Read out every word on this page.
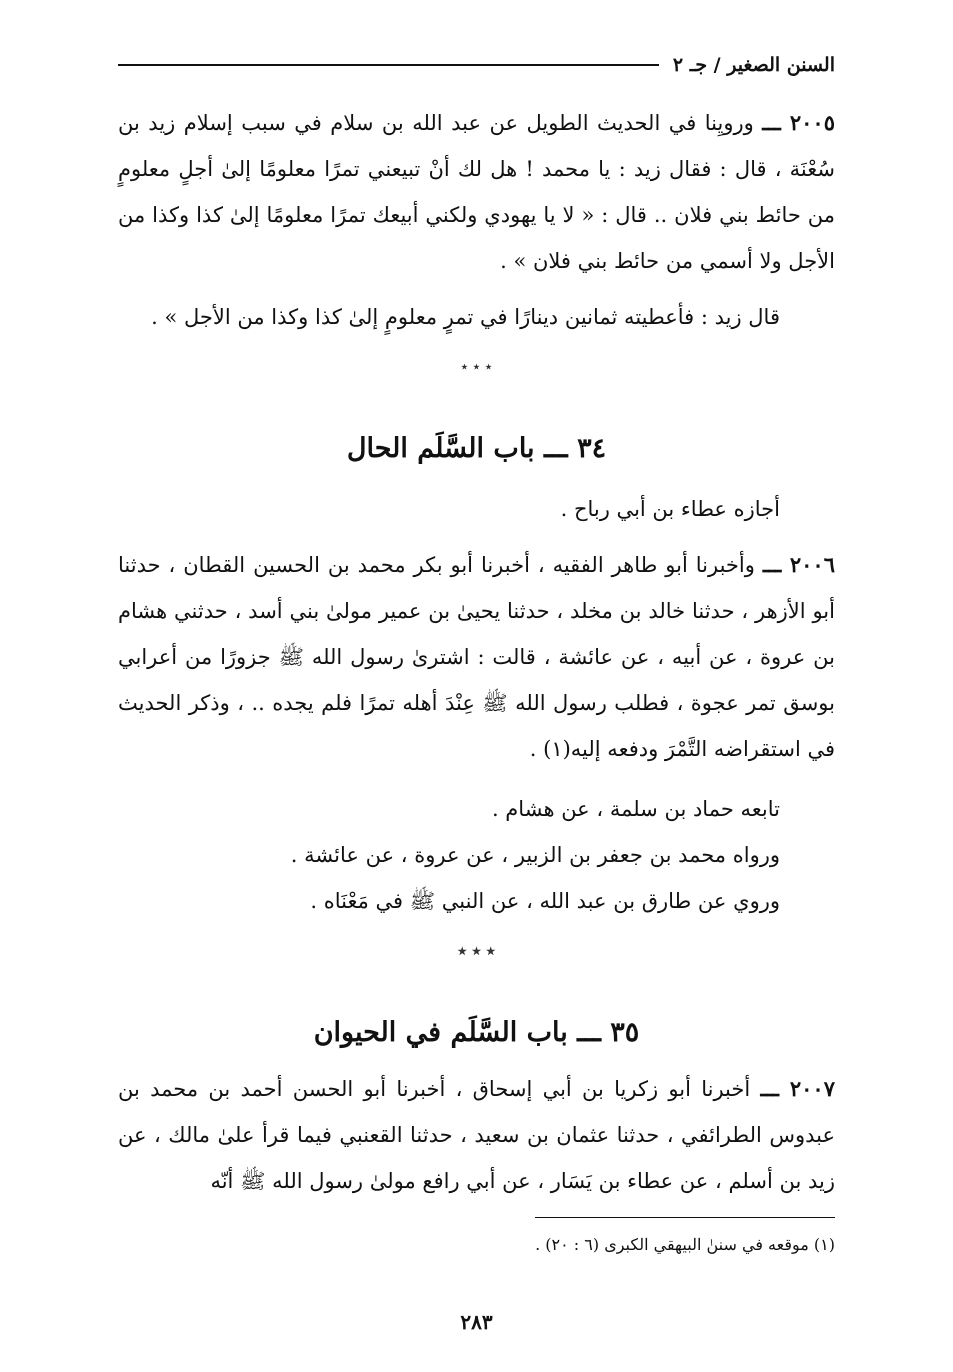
السنن الصغير / جـ ٢

٢٠٠٥ ـــ ورويِنا في الحديث الطويل عن عبد الله بن سلام في سبب إسلام زيد بن سُعْنَة ، قال : فقال زيد : يا محمد ! هل لك أنْ تبيعني تمرًا معلومًا إلىٰ أجلٍ معلومٍ من حائط بني فلان .. قال : « لا يا يهودي ولكني أبيعك تمرًا معلومًا إلىٰ كذا وكذا من الأجل ولا أسمي من حائط بني فلان » .

قال زيد : فأعطيته ثمانين دينارًا في تمرٍ معلومٍ إلىٰ كذا وكذا من الأجل » .

٭ ٭ ٭
٣٤ ـــ باب السَّلَم الحال

أجازه عطاء بن أبي رباح .

٢٠٠٦ ـــ وأخبرنا أبو طاهر الفقيه ، أخبرنا أبو بكر محمد بن الحسين القطان ، حدثنا أبو الأزهر ، حدثنا خالد بن مخلد ، حدثنا يحيىٰ بن عمير مولىٰ بني أسد ، حدثني هشام بن عروة ، عن أبيه ، عن عائشة ، قالت : اشترىٰ رسول الله ﷺ جزورًا من أعرابي بوسق تمر عجوة ، فطلب رسول الله ﷺ عِنْدَ أهله تمرًا فلم يجده .. ، وذكر الحديث في استقراضه التَّمْرَ ودفعه إليه(١) .

تابعه حماد بن سلمة ، عن هشام .

ورواه محمد بن جعفر بن الزبير ، عن عروة ، عن عائشة .

وروي عن طارق بن عبد الله ، عن النبي ﷺ في مَعْنَاه .

٭ ٭ ٭
٣٥ ـــ باب السَّلَم في الحيوان

٢٠٠٧ ـــ أخبرنا أبو زكريا بن أبي إسحاق ، أخبرنا أبو الحسن أحمد بن محمد بن عبدوس الطرائفي ، حدثنا عثمان بن سعيد ، حدثنا القعنبي فيما قرأ علىٰ مالك ، عن زيد بن أسلم ، عن عطاء بن يَسَار ، عن أبي رافع مولىٰ رسول الله ﷺ أنّه

(١) موقعه في سننٰ البيهقي الكبرى (٦ : ٢٠) .
٢٨٣
